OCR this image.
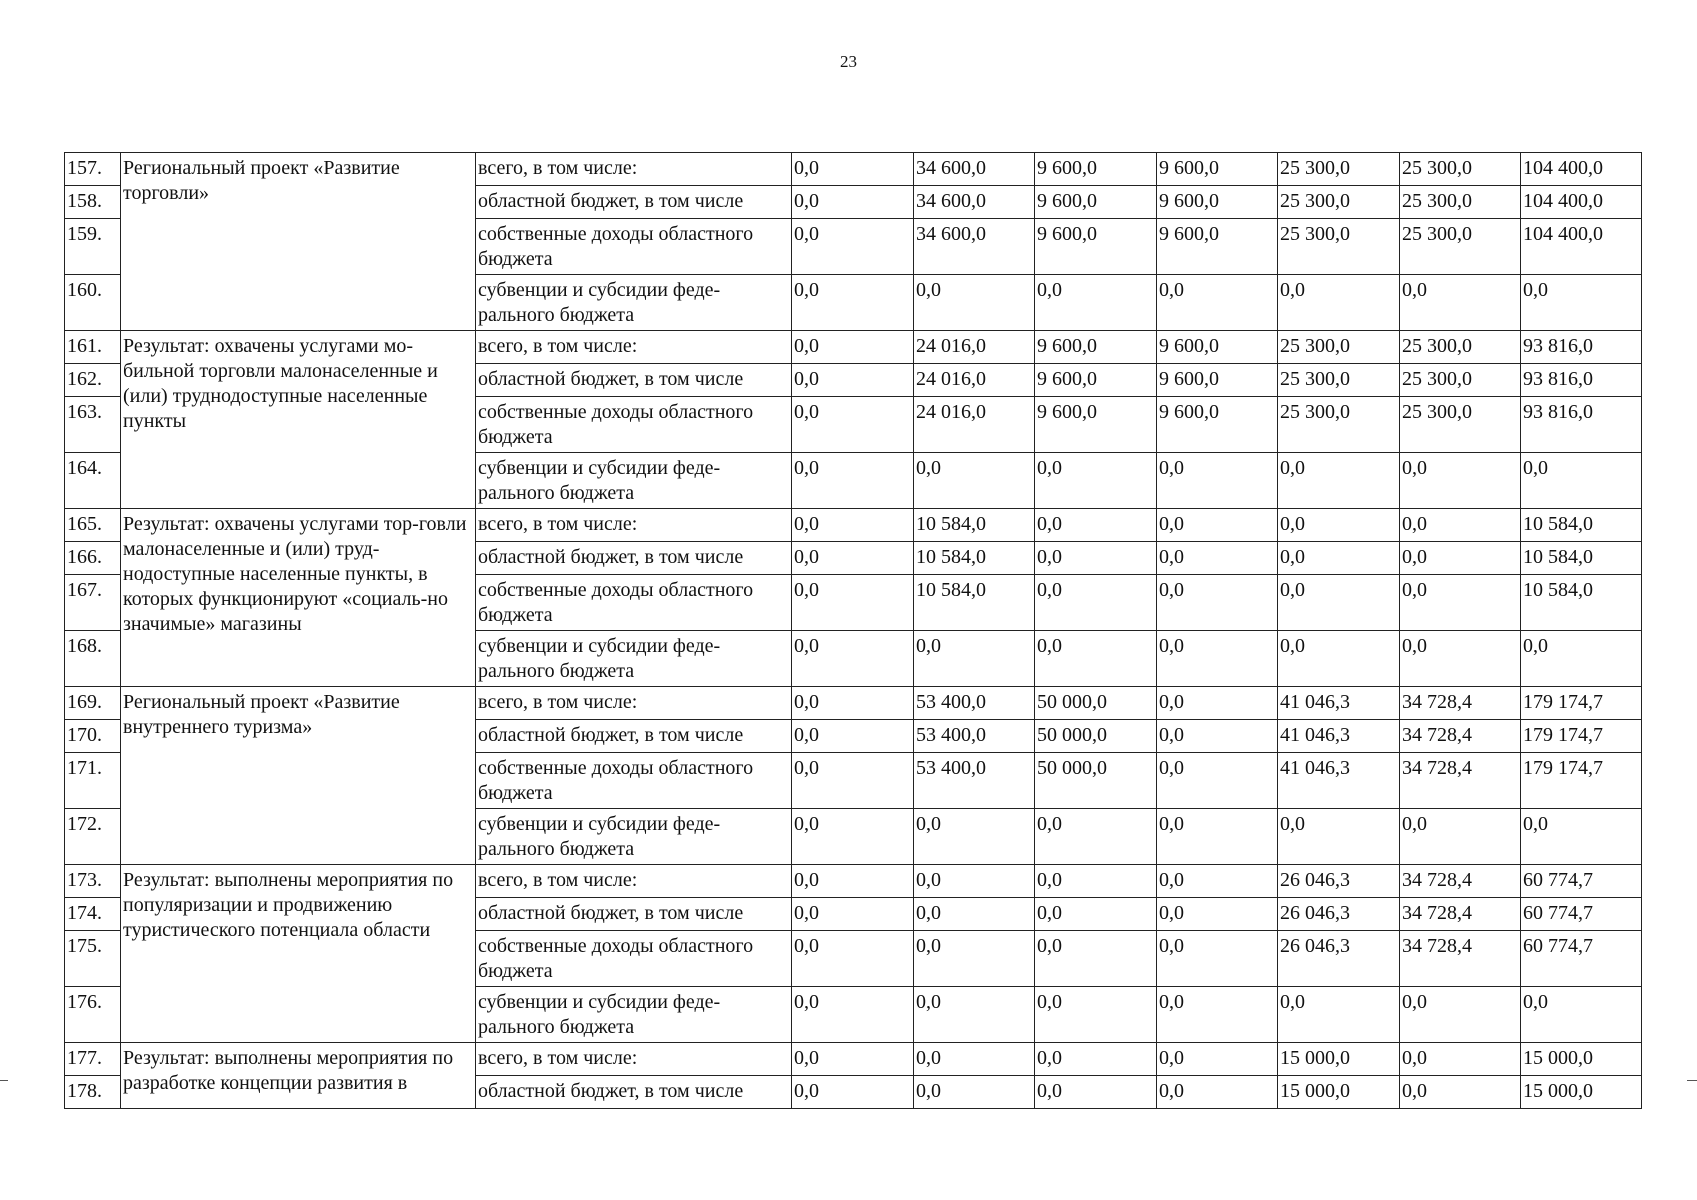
23
157.	Региональный проект «Развитие торговли»	всего, в том числе:	0,0	34 600,0	9 600,0	9 600,0	25 300,0	25 300,0	104 400,0
158.		областной бюджет, в том числе	0,0	34 600,0	9 600,0	9 600,0	25 300,0	25 300,0	104 400,0
159.		собственные доходы областного бюджета	0,0	34 600,0	9 600,0	9 600,0	25 300,0	25 300,0	104 400,0
160.		субвенции и субсидии феде-рального бюджета	0,0	0,0	0,0	0,0	0,0	0,0	0,0
161.	Результат: охвачены услугами мо-бильной торговли малонаселенные и (или) труднодоступные населенные пункты	всего, в том числе:	0,0	24 016,0	9 600,0	9 600,0	25 300,0	25 300,0	93 816,0
162.		областной бюджет, в том числе	0,0	24 016,0	9 600,0	9 600,0	25 300,0	25 300,0	93 816,0
163.		собственные доходы областного бюджета	0,0	24 016,0	9 600,0	9 600,0	25 300,0	25 300,0	93 816,0
164.		субвенции и субсидии феде-рального бюджета	0,0	0,0	0,0	0,0	0,0	0,0	0,0
165.	Результат: охвачены услугами тор-говли малонаселенные и (или) труд-нодоступные населенные пункты, в которых функционируют «социаль-но значимые» магазины	всего, в том числе:	0,0	10 584,0	0,0	0,0	0,0	0,0	10 584,0
166.		областной бюджет, в том числе	0,0	10 584,0	0,0	0,0	0,0	0,0	10 584,0
167.		собственные доходы областного бюджета	0,0	10 584,0	0,0	0,0	0,0	0,0	10 584,0
168.		субвенции и субсидии феде-рального бюджета	0,0	0,0	0,0	0,0	0,0	0,0	0,0
169.	Региональный проект «Развитие внутреннего туризма»	всего, в том числе:	0,0	53 400,0	50 000,0	0,0	41 046,3	34 728,4	179 174,7
170.		областной бюджет, в том числе	0,0	53 400,0	50 000,0	0,0	41 046,3	34 728,4	179 174,7
171.		собственные доходы областного бюджета	0,0	53 400,0	50 000,0	0,0	41 046,3	34 728,4	179 174,7
172.		субвенции и субсидии феде-рального бюджета	0,0	0,0	0,0	0,0	0,0	0,0	0,0
173.	Результат: выполнены мероприятия по популяризации и продвижению туристического потенциала области	всего, в том числе:	0,0	0,0	0,0	0,0	26 046,3	34 728,4	60 774,7
174.		областной бюджет, в том числе	0,0	0,0	0,0	0,0	26 046,3	34 728,4	60 774,7
175.		собственные доходы областного бюджета	0,0	0,0	0,0	0,0	26 046,3	34 728,4	60 774,7
176.		субвенции и субсидии феде-рального бюджета	0,0	0,0	0,0	0,0	0,0	0,0	0,0
177.	Результат: выполнены мероприятия по разработке концепции развития в	всего, в том числе:	0,0	0,0	0,0	0,0	15 000,0	0,0	15 000,0
178.		областной бюджет, в том числе	0,0	0,0	0,0	0,0	15 000,0	0,0	15 000,0
